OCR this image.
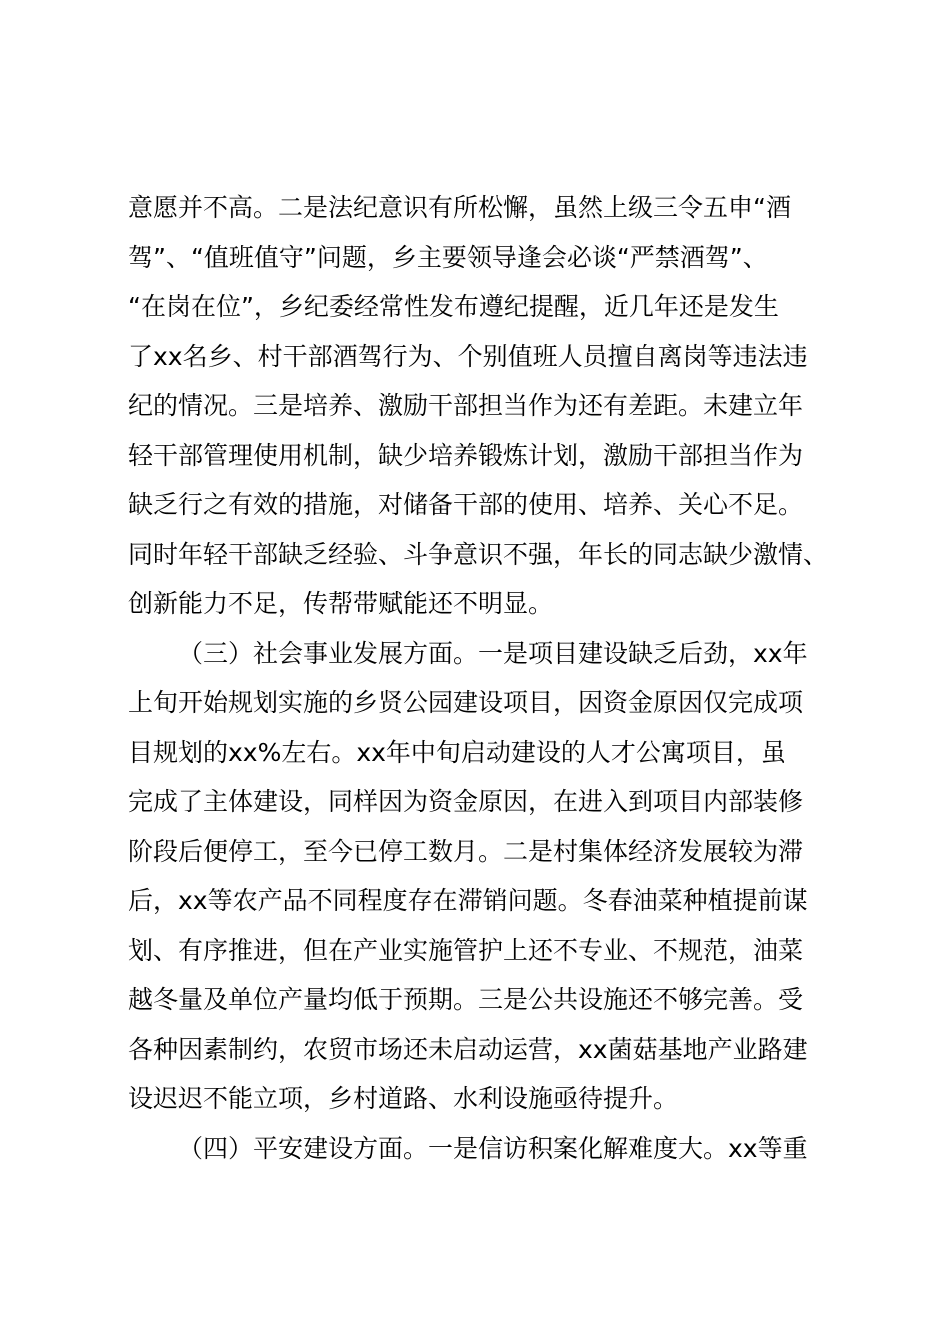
意愿并不高。二是法纪意识有所松懈，虽然上级三令五申“酒
驾”、“值班值守”问题，乡主要领导逢会必谈“严禁酒驾”、
“在岗在位”，乡纪委经常性发布遵纪提醒，近几年还是发生
了xx名乡、村干部酒驾行为、个别值班人员擅自离岗等违法违
纪的情况。三是培养、激励干部担当作为还有差距。未建立年
轻干部管理使用机制，缺少培养锻炼计划，激励干部担当作为
缺乏行之有效的措施，对储备干部的使用、培养、关心不足。
同时年轻干部缺乏经验、斗争意识不强，年长的同志缺少激情、
创新能力不足，传帮带赋能还不明显。
（三）社会事业发展方面。一是项目建设缺乏后劲，xx年
上旬开始规划实施的乡贤公园建设项目，因资金原因仅完成项
目规划的xx%左右。xx年中旬启动建设的人才公寓项目，虽
完成了主体建设，同样因为资金原因，在进入到项目内部装修
阶段后便停工，至今已停工数月。二是村集体经济发展较为滞
后，xx等农产品不同程度存在滞销问题。冬春油菜种植提前谋
划、有序推进，但在产业实施管护上还不专业、不规范，油菜
越冬量及单位产量均低于预期。三是公共设施还不够完善。受
各种因素制约，农贸市场还未启动运营，xx菌菇基地产业路建
设迟迟不能立项，乡村道路、水利设施亟待提升。
（四）平安建设方面。一是信访积案化解难度大。xx等重
